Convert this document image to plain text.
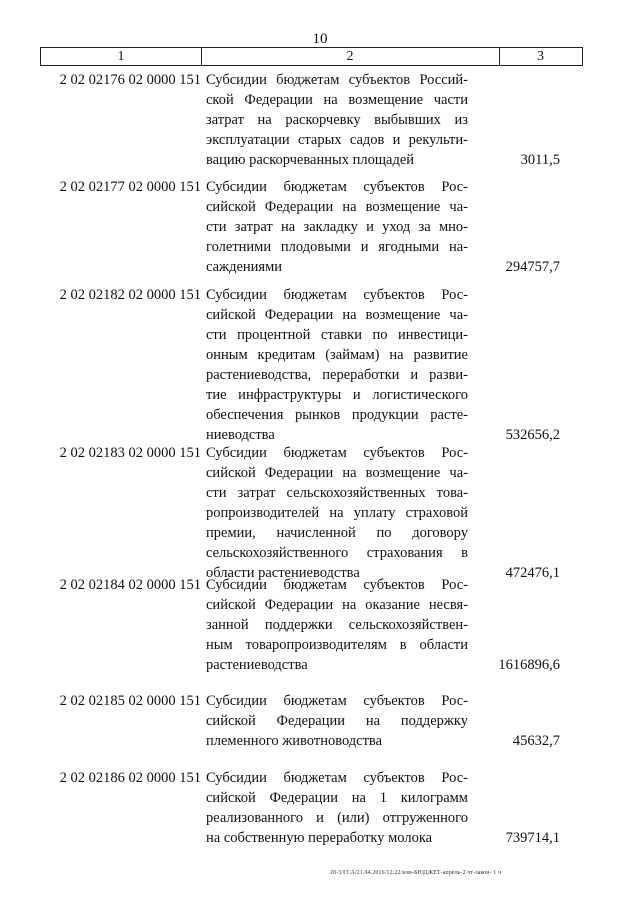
10
1	2	3
2 02 02176 02 0000 151 Субсидии бюджетам субъектов Россий-
ской Федерации на возмещение части
затрат на раскорчевку выбывших из
эксплуатации старых садов и рекульти-
вацию раскорчеванных площадей	3011,5
2 02 02177 02 0000 151 Субсидии бюджетам субъектов Рос-
сийской Федерации на возмещение ча-
сти затрат на закладку и уход за мно-
голетними плодовыми и ягодными на-
саждениями	294757,7
2 02 02182 02 0000 151 Субсидии бюджетам субъектов Рос-
сийской Федерации на возмещение ча-
сти процентной ставки по инвестици-
онным кредитам (займам) на развитие
растениеводства, переработки и разви-
тие инфраструктуры и логистического
обеспечения рынков продукции расте-
ниеводства	532656,2
2 02 02183 02 0000 151 Субсидии бюджетам субъектов Рос-
сийской Федерации на возмещение ча-
сти затрат сельскохозяйственных това-
ропроизводителей на уплату страховой
премии, начисленной по договору
сельскохозяйственного страхования в
области растениеводства	472476,1
2 02 02184 02 0000 151 Субсидии бюджетам субъектов Рос-
сийской Федерации на оказание несвя-
занной поддержки сельскохозяйствен-
ным товаропроизводителям в области
растениеводства	1616896,6
2 02 02185 02 0000 151 Субсидии бюджетам субъектов Рос-
сийской Федерации на поддержку
племенного животноводства	45632,7
2 02 02186 02 0000 151 Субсидии бюджетам субъектов Рос-
сийской Федерации на 1 килограмм
реализованного и (или) отгруженного
на собственную переработку молока	739714,1
20-3/ГСА/21.04.2016/12:22/изм-БЮДЖЕТ-апрель-2 чт-закон- 1 ч
